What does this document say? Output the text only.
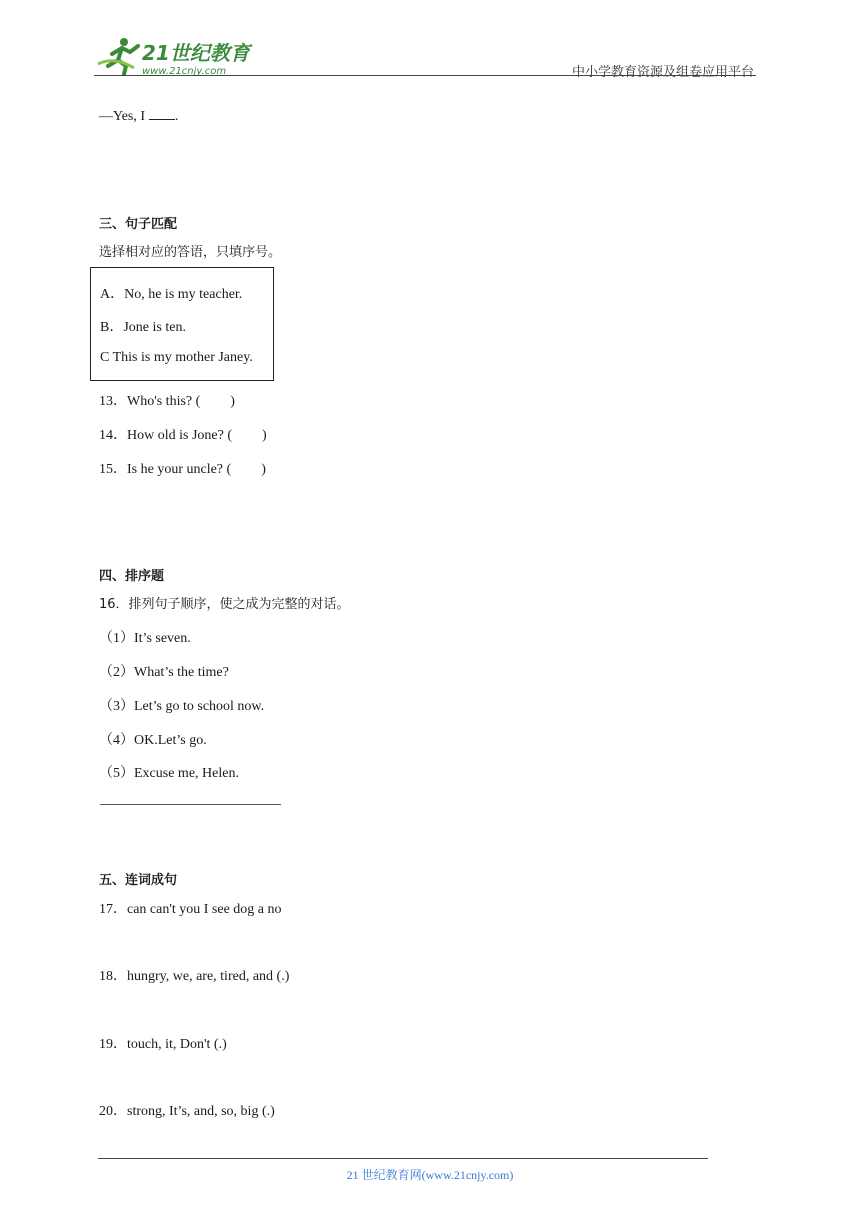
21世纪教育
www.21cnjy.com	中小学教育资源及组卷应用平台
—Yes, I .
三、句子匹配
选择相对应的答语，只填序号。
A．No, he is my teacher.
B．Jone is ten.
C This is my mother Janey.
13．Who's this? ( )
14．How old is Jone? ( )
15．Is he your uncle? ( )
四、排序题
16．排列句子顺序，使之成为完整的对话。
（1）It’s seven.
（2）What’s the time?
（3）Let’s go to school now.
（4）OK.Let’s go.
（5）Excuse me, Helen.
五、连词成句
17．can can't you I see dog a no
18．hungry, we, are, tired, and (.)
19．touch, it, Don't (.)
20．strong, It’s, and, so, big (.)
21 世纪教育网(www.21cnjy.com)
